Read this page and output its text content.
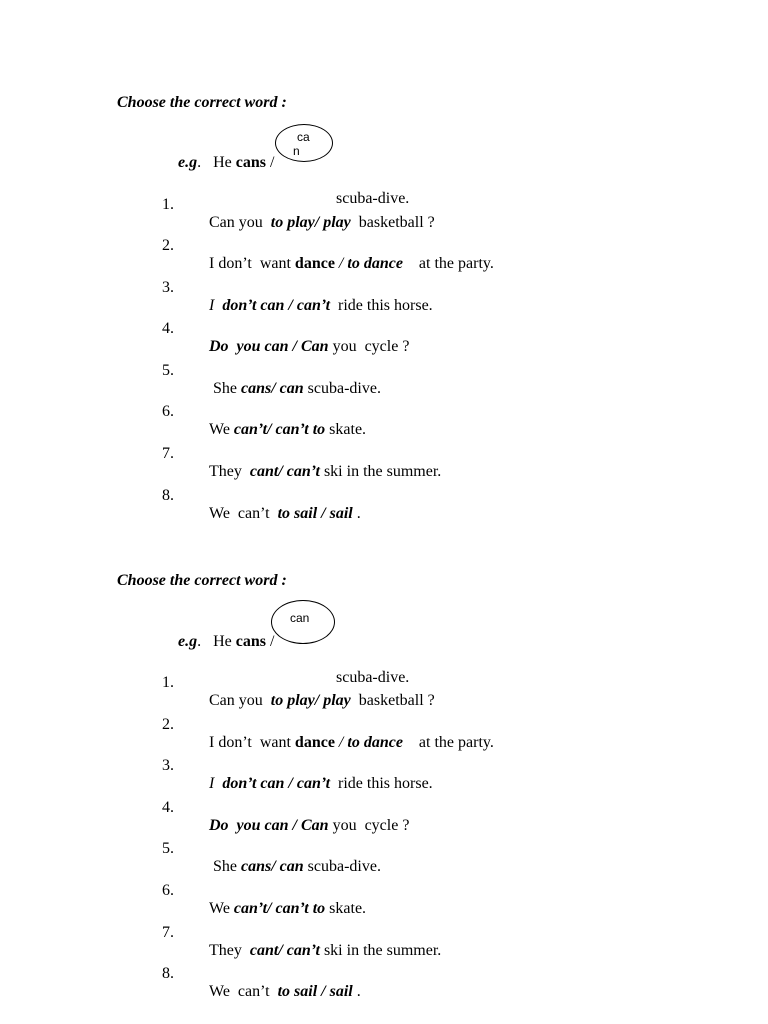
Choose the correct word :

e.g.   He cans /

ca

n

scuba-dive.

1.

Can you  to play/ play  basketball ?

2.

I don’t  want dance / to dance    at the party.

3.

I  don’t can / can’t  ride this horse.

4.

Do  you can / Can you  cycle ?

5.

She cans/ can scuba-dive.

6.

We can’t/ can’t to skate.

7.

They  cant/ can’t ski in the summer.

8.

We  can’t  to sail / sail .

Choose the correct word :

e.g.   He cans /

can

scuba-dive.

1.

Can you  to play/ play  basketball ?

2.

I don’t  want dance / to dance    at the party.

3.

I  don’t can / can’t  ride this horse.

4.

Do  you can / Can you  cycle ?

5.

She cans/ can scuba-dive.

6.

We can’t/ can’t to skate.

7.

They  cant/ can’t ski in the summer.

8.

We  can’t  to sail / sail .
